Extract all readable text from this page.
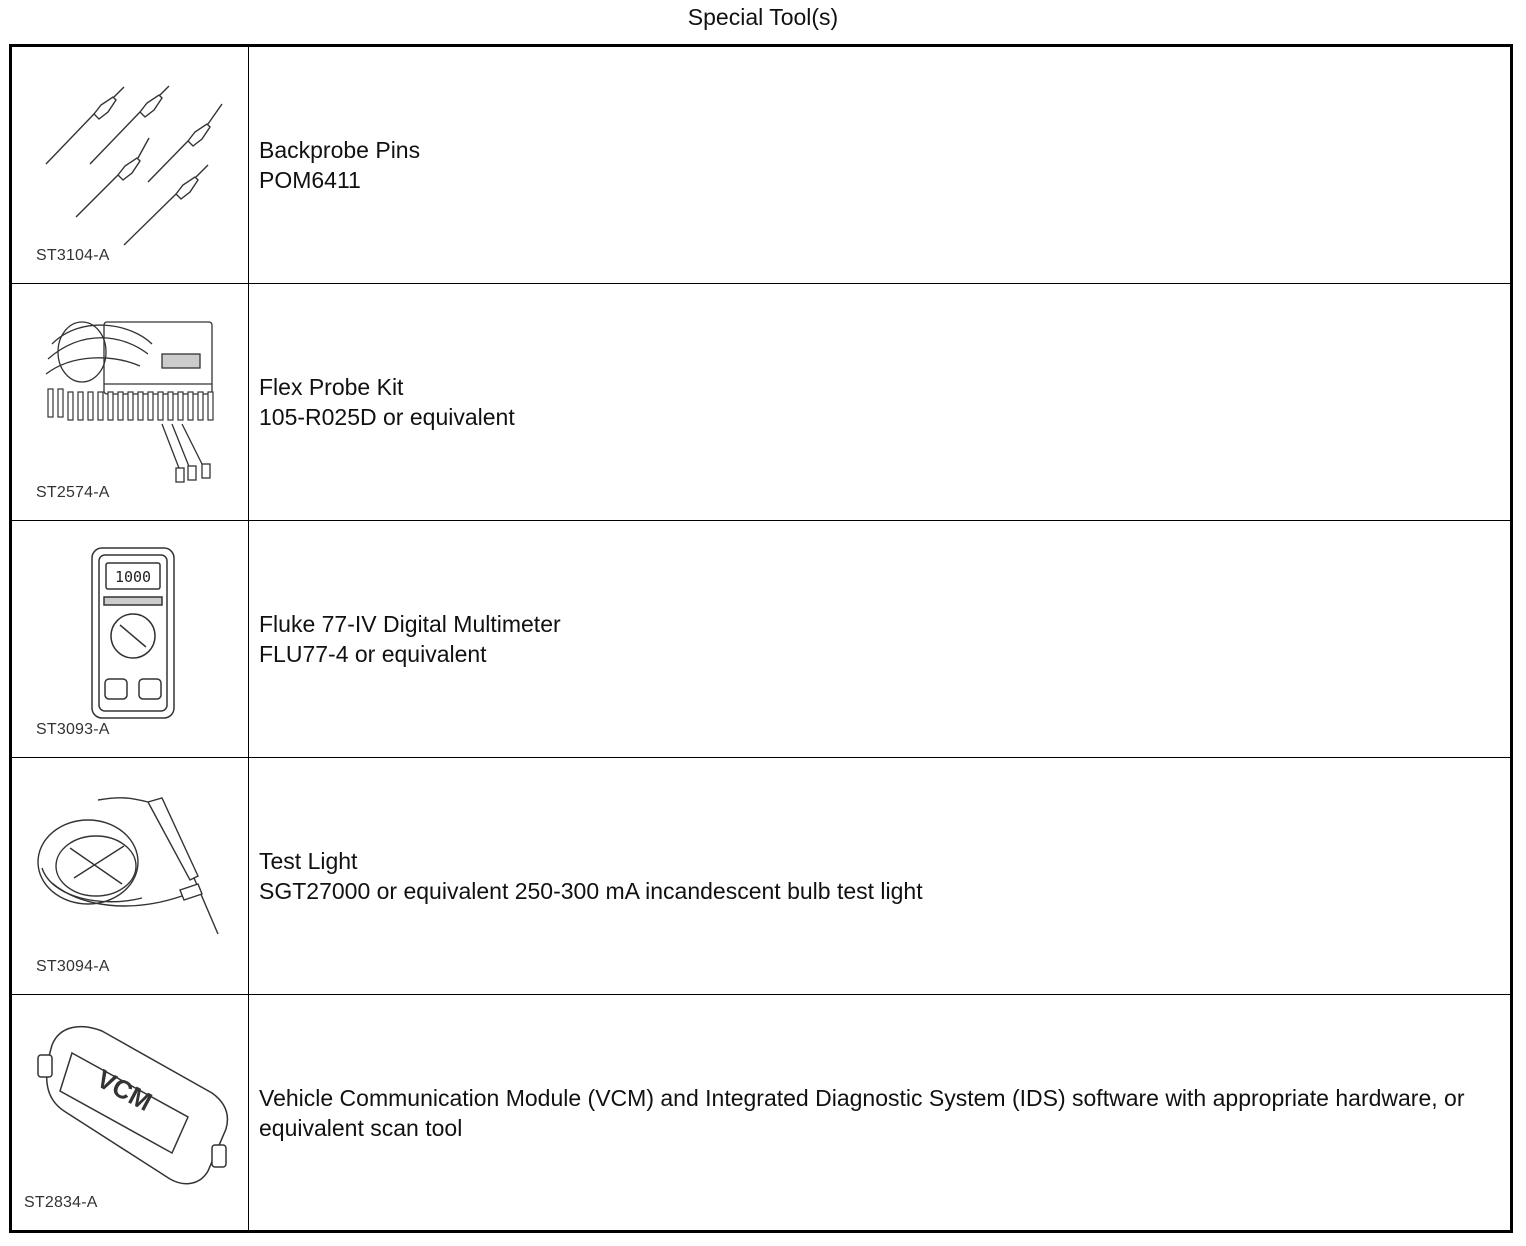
Special Tool(s)
ST3104-A
Backprobe Pins
POM6411
ST2574-A
Flex Probe Kit
105-R025D or equivalent
1000
ST3093-A
Fluke 77-IV Digital Multimeter
FLU77-4 or equivalent
ST3094-A
Test Light
SGT27000 or equivalent 250-300 mA incandescent bulb test light
VCM
ST2834-A
Vehicle Communication Module (VCM) and Integrated Diagnostic System (IDS) software with appropriate hardware, or equivalent scan tool
